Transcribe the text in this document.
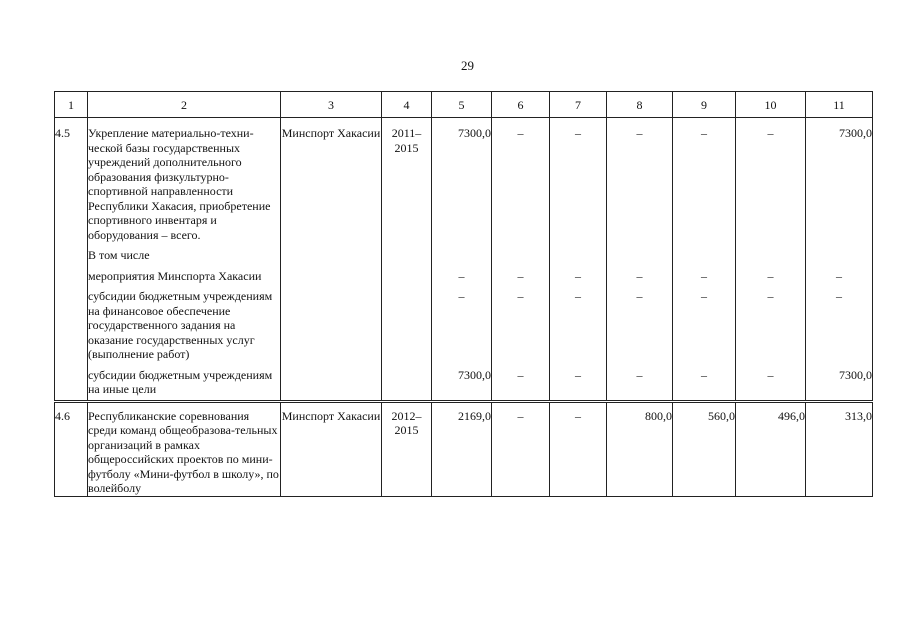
29
1	2	3	4	5	6	7	8	9	10	11
4.5	Укрепление материально-техни-ческой базы государственных учреждений дополнительного образования физкультурно-спортивной направленности Республики Хакасия, приобретение спортивного инвентаря и оборудования – всего.	Минспорт Хакасии	2011–2015	7300,0	–	–	–	–	–	7300,0
	В том числе									
	мероприятия Минспорта Хакасии			–	–	–	–	–	–	–
	субсидии бюджетным учреждениям на финансовое обеспечение государственного задания на оказание государственных услуг (выполнение работ)			–	–	–	–	–	–	–
	субсидии бюджетным учреждениям на иные цели			7300,0	–	–	–	–	–	7300,0
4.6	Республиканские соревнования среди команд общеобразова-тельных организаций в рамках общероссийских проектов по мини-футболу «Мини-футбол в школу», по волейболу	Минспорт Хакасии	2012–2015	2169,0	–	–	800,0	560,0	496,0	313,0
